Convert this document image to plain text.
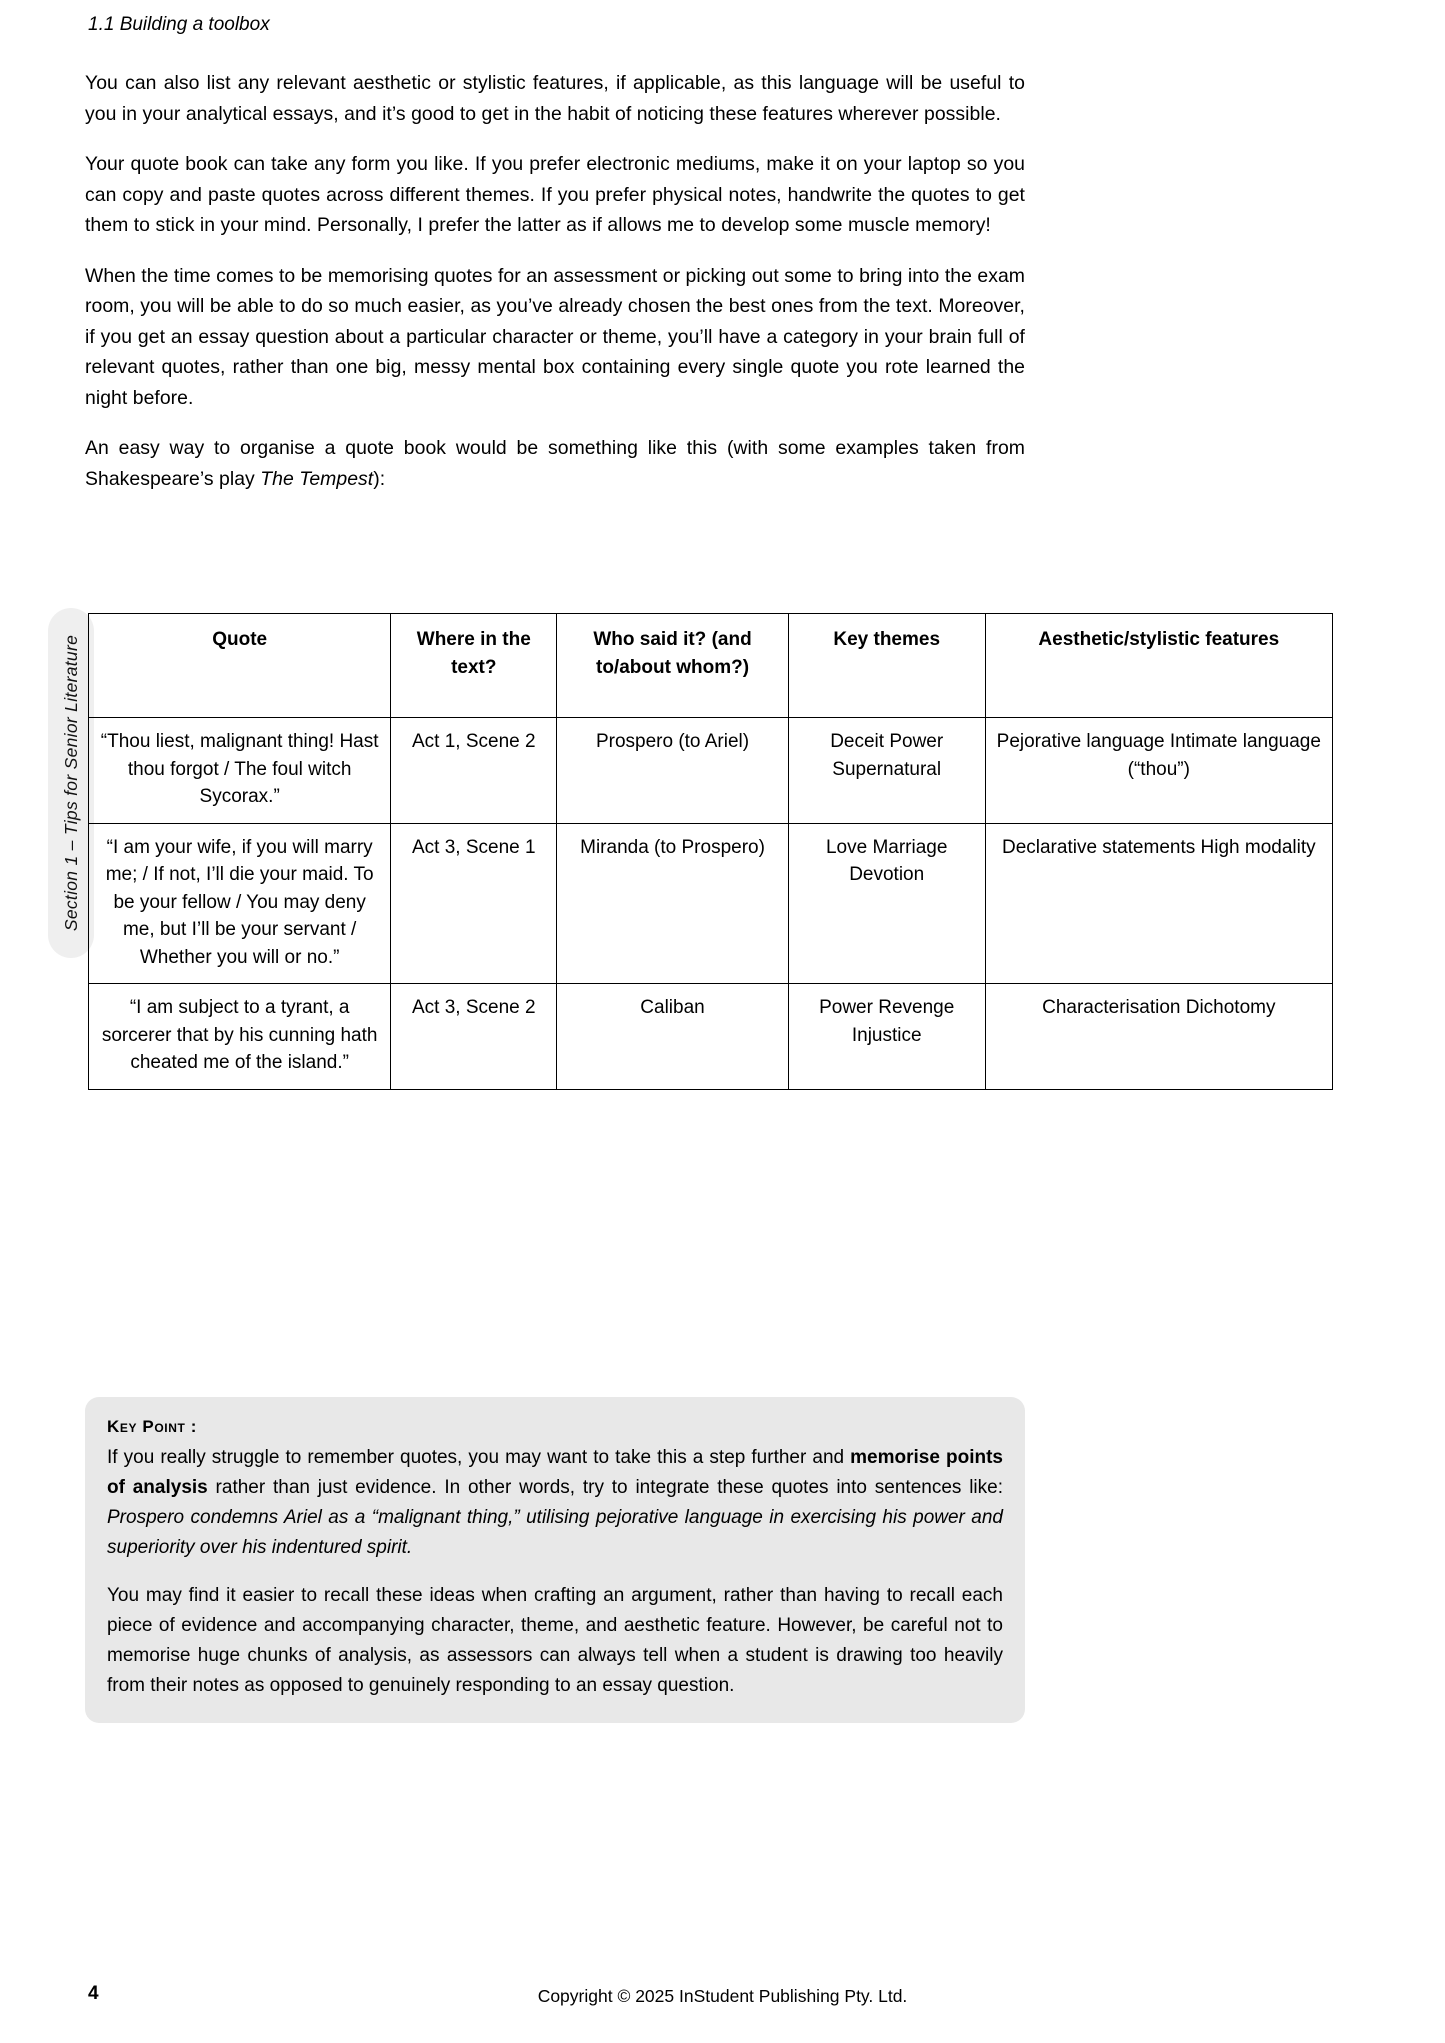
Section 1 – Tips for Senior Literature
1.1 Building a toolbox

You can also list any relevant aesthetic or stylistic features, if applicable, as this language will be useful to you in your analytical essays, and it’s good to get in the habit of noticing these features wherever possible.

Your quote book can take any form you like. If you prefer electronic mediums, make it on your laptop so you can copy and paste quotes across different themes. If you prefer physical notes, handwrite the quotes to get them to stick in your mind. Personally, I prefer the latter as if allows me to develop some muscle memory!

When the time comes to be memorising quotes for an assessment or picking out some to bring into the exam room, you will be able to do so much easier, as you’ve already chosen the best ones from the text. Moreover, if you get an essay question about a particular character or theme, you’ll have a category in your brain full of relevant quotes, rather than one big, messy mental box containing every single quote you rote learned the night before.

An easy way to organise a quote book would be something like this (with some examples taken from Shakespeare’s play The Tempest):

Quote	Where in the text?	Who said it? (and to/about whom?)	Key themes	Aesthetic/stylistic features
“Thou liest, malignant thing! Hast thou forgot / The foul witch Sycorax.”	Act 1, Scene 2	Prospero (to Ariel)	Deceit Power Supernatural	Pejorative language Intimate language (“thou”)
“I am your wife, if you will marry me; / If not, I’ll die your maid. To be your fellow / You may deny me, but I’ll be your servant / Whether you will or no.”	Act 3, Scene 1	Miranda (to Prospero)	Love Marriage Devotion	Declarative statements High modality
“I am subject to a tyrant, a sorcerer that by his cunning hath cheated me of the island.”	Act 3, Scene 2	Caliban	Power Revenge Injustice	Characterisation Dichotomy
Key Point :

If you really struggle to remember quotes, you may want to take this a step further and memorise points of analysis rather than just evidence. In other words, try to integrate these quotes into sentences like: Prospero condemns Ariel as a “malignant thing,” utilising pejorative language in exercising his power and superiority over his indentured spirit.

You may find it easier to recall these ideas when crafting an argument, rather than having to recall each piece of evidence and accompanying character, theme, and aesthetic feature. However, be careful not to memorise huge chunks of analysis, as assessors can always tell when a student is drawing too heavily from their notes as opposed to genuinely responding to an essay question.

4	Copyright © 2025 InStudent Publishing Pty. Ltd.
